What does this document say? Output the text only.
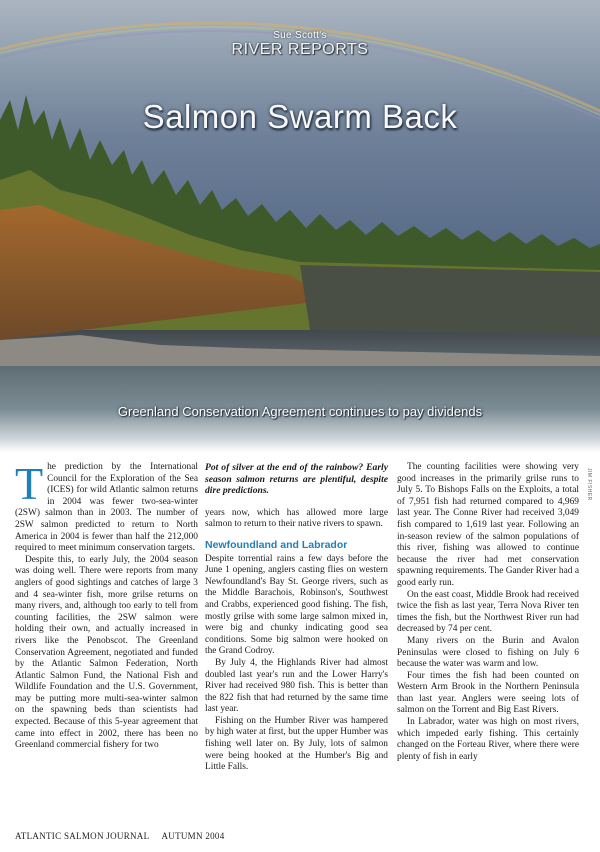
Sue Scott's
RIVER REPORTS
Salmon Swarm Back
Greenland Conservation Agreement continues to pay dividends

The prediction by the International Council for the Exploration of the Sea (ICES) for wild Atlantic salmon returns in 2004 was fewer two-sea-winter (2SW) salmon than in 2003. The number of 2SW salmon predicted to return to North America in 2004 is fewer than half the 212,000 required to meet minimum conservation targets.

Despite this, to early July, the 2004 season was doing well. There were reports from many anglers of good sightings and catches of large 3 and 4 sea-winter fish, more grilse returns on many rivers, and, although too early to tell from counting facilities, the 2SW salmon were holding their own, and actually increased in rivers like the Penobscot. The Greenland Conservation Agreement, negotiated and funded by the Atlantic Salmon Federation, North Atlantic Salmon Fund, the National Fish and Wildlife Foundation and the U.S. Government, may be putting more multi-sea-winter salmon on the spawning beds than scientists had expected. Because of this 5-year agreement that came into effect in 2002, there has been no Greenland commercial fishery for two

Pot of silver at the end of the rainbow? Early season salmon returns are plentiful, despite dire predictions.

years now, which has allowed more large salmon to return to their native rivers to spawn.

Newfoundland and Labrador

Despite torrential rains a few days before the June 1 opening, anglers casting flies on western Newfoundland's Bay St. George rivers, such as the Middle Barachois, Robinson's, Southwest and Crabbs, experienced good fishing. The fish, mostly grilse with some large salmon mixed in, were big and chunky indicating good sea conditions. Some big salmon were hooked on the Grand Codroy.

By July 4, the Highlands River had almost doubled last year's run and the Lower Harry's River had received 980 fish. This is better than the 822 fish that had returned by the same time last year.

Fishing on the Humber River was hampered by high water at first, but the upper Humber was fishing well later on. By July, lots of salmon were being hooked at the Humber's Big and Little Falls.

The counting facilities were showing very good increases in the primarily grilse runs to July 5. To Bishops Falls on the Exploits, a total of 7,951 fish had returned compared to 4,969 last year. The Conne River had received 3,049 fish compared to 1,619 last year. Following an in-season review of the salmon populations of this river, fishing was allowed to continue because the river had met conservation spawning requirements. The Gander River had a good early run.

On the east coast, Middle Brook had received twice the fish as last year, Terra Nova River ten times the fish, but the Northwest River run had decreased by 74 per cent.

Many rivers on the Burin and Avalon Peninsulas were closed to fishing on July 6 because the water was warm and low.

Four times the fish had been counted on Western Arm Brook in the Northern Peninsula than last year. Anglers were seeing lots of salmon on the Torrent and Big East Rivers.

In Labrador, water was high on most rivers, which impeded early fishing. This certainly changed on the Forteau River, where there were plenty of fish in early

JIM FISHER
ATLANTIC SALMON JOURNAL AUTUMN 2004
